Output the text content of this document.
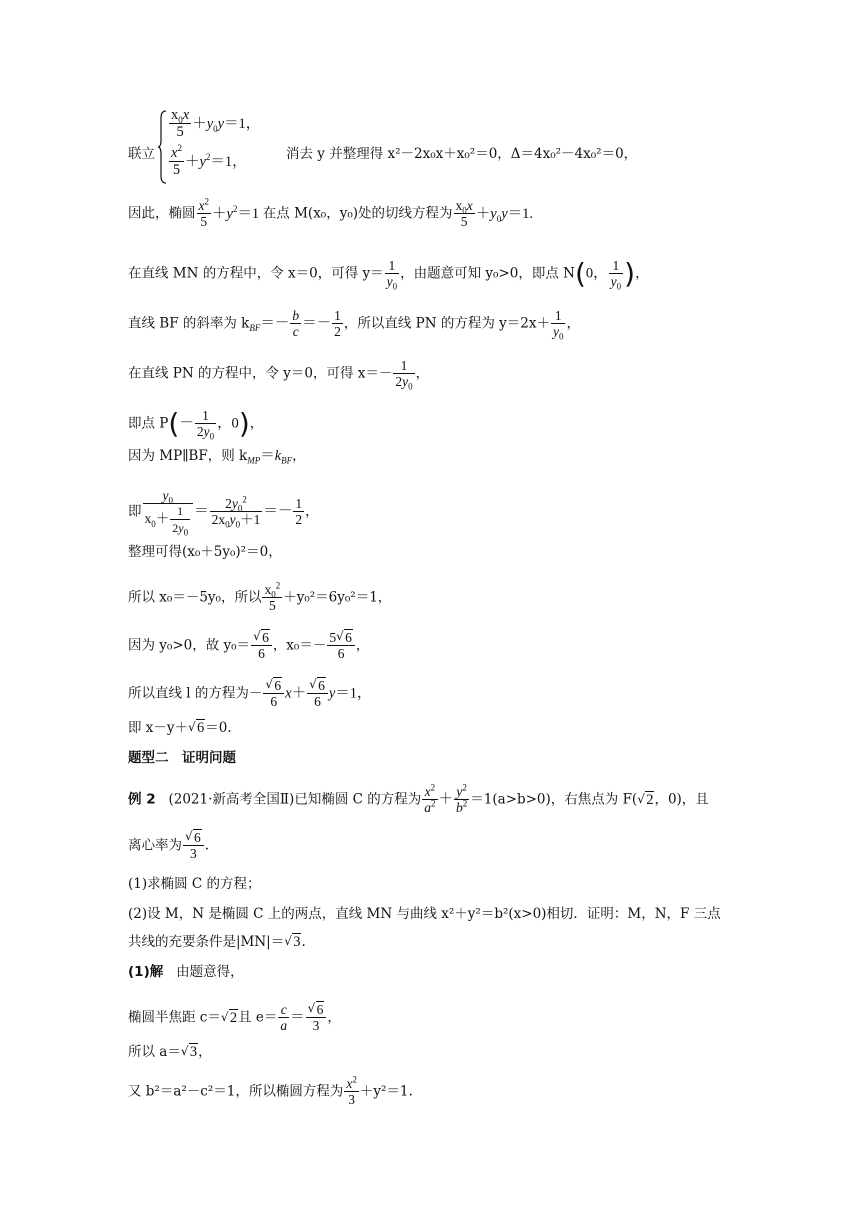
联立
$\frac{x_0x}{5} +y_0y=1$，
$\frac{x^2}{5} +y^2=1$，	消去 y 并整理得 x²－2x₀x＋x₀²＝0，Δ＝4x₀²－4x₀²＝0，
因此，椭圆 $\frac{x^2}{5} +y^2=1$ 在点 M(x₀，y₀)处的切线方程为 $\frac{x_0x}{5} +y_0y=1$.
在直线 MN 的方程中，令 x＝0，可得 $y= \frac{1}{y_0}$ ，由题意可知 y₀>0，即点 N(0， $\frac{1}{y_0}$ )，
直线 BF 的斜率为 $k_{BF}=- \frac{b}{c} =- \frac{1}{2}$ ，所以直线 PN 的方程为 $y=2x+ \frac{1}{y_0}$ ，
在直线 PN 的方程中，令 y＝0，可得 $x=- \frac{1}{2y_0}$ ，
即点 $P(- \frac{1}{2y_0}$ ，0)，
因为 MP∥BF，则 $k_{MP}=k_{BF}$，
即 $\frac{y_0}{x_0+ \frac{1}{2y_0}} = \frac{2y_0^2}{2x_0y_0+1} =- \frac{1}{2}$ ，
整理可得(x₀＋5y₀)²＝0，
所以 x₀＝－5y₀，所以 $\frac{x_0^2}{5} +y_0^2=6y_0^2=1$，
因为 y₀>0，故 y₀＝ √ $\frac{6}{6}$ ，$x_0=- \frac{5 √ 6}{6}$ ，
所以直线 l 的方程为－ √ $\frac{6}{6} x+$ √ $\frac{6}{6} y=1$，
即 x－y＋ √ 6＝0.
题型二　证明问题
例 2 (2021·新高考全国Ⅱ)已知椭圆 C 的方程为 $\frac{x^2}{a^2} + \frac{y^2}{b^2} =1(a>b>0)$，右焦点为 F( √ 2，0)，且
离心率为 √ $\frac{6}{3}$ .
(1)求椭圆 C 的方程；
(2)设 M，N 是椭圆 C 上的两点，直线 MN 与曲线 x²＋y²＝b²(x>0)相切．证明：M，N，F 三点
共线的充要条件是|MN|＝ √ 3.
(1)解 由题意得，
椭圆半焦距 c＝ √ 2且 $e= \frac{c}{a}$ ＝ √ $\frac{6}{3}$ ，
所以 a＝ √ 3，
又 b²＝a²－c²＝1，所以椭圆方程为 $\frac{x^2}{3} +y^2=1$.
